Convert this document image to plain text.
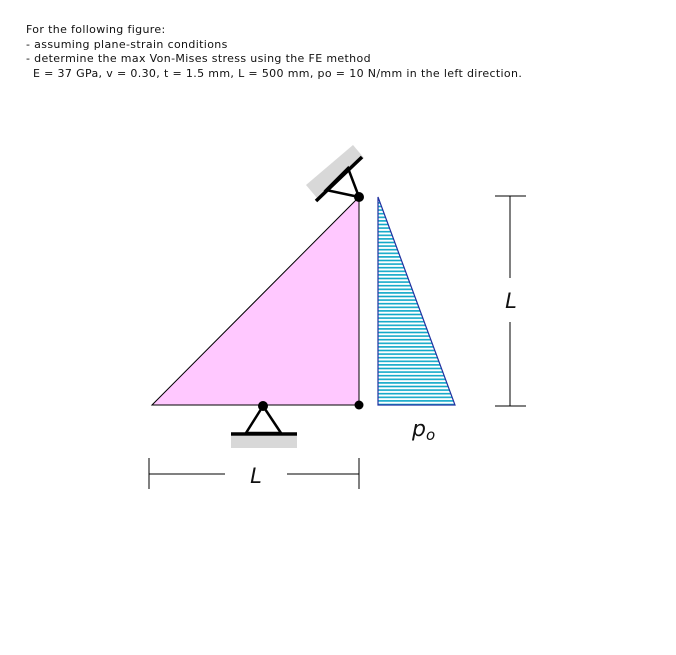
For the following figure:
- assuming plane-strain conditions
- determine the max Von-Mises stress using the FE method
E = 37 GPa, v = 0.30, t = 1.5 mm, L = 500 mm, po = 10 N/mm in the left direction.
L
L
po
